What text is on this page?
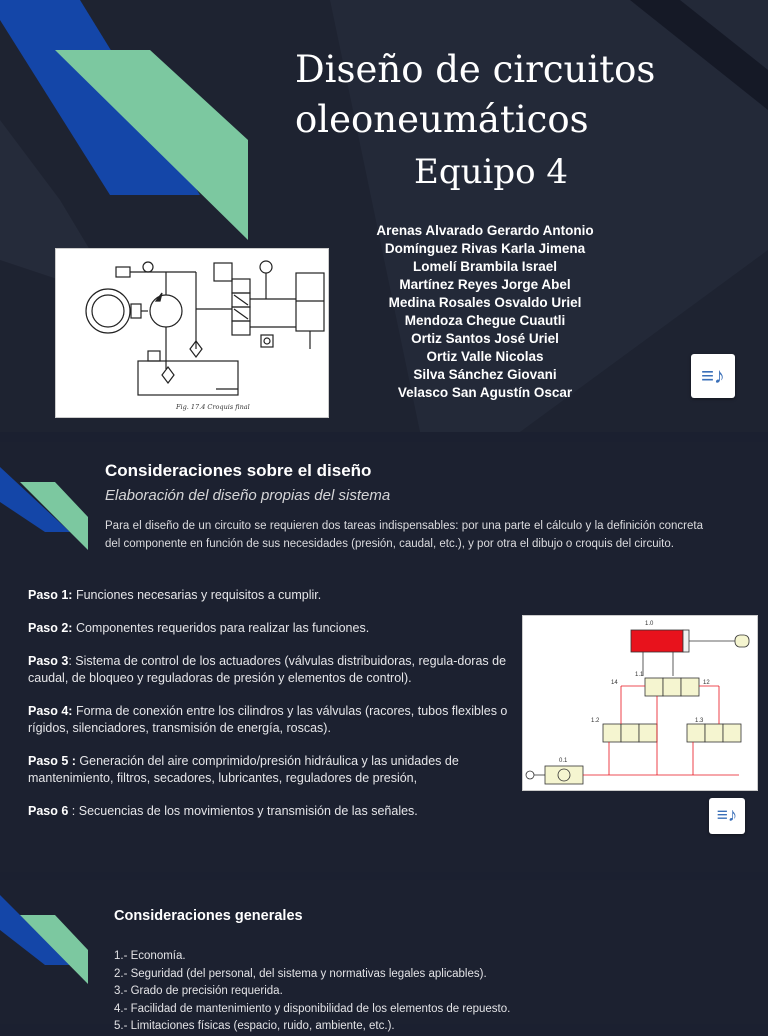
Diseño de circuitos
oleoneumáticos
Equipo 4
Arenas Alvarado Gerardo Antonio
Domínguez Rivas Karla Jimena
Lomelí Brambila Israel
Martínez Reyes Jorge Abel
Medina Rosales Osvaldo Uriel
Mendoza Chegue Cuautli
Ortiz Santos José Uriel
Ortiz Valle Nicolas
Silva Sánchez Giovani
Velasco San Agustín Oscar
Fig. 17.4 Croquis final
≡♪
Consideraciones sobre el diseño
Elaboración del diseño propias del sistema
Para el diseño de un circuito se requieren dos tareas indispensables: por una parte el cálculo y la definición concreta del componente en función de sus necesidades (presión, caudal, etc.), y por otra el dibujo o croquis del circuito.

Paso 1: Funciones necesarias y requisitos a cumplir.

Paso 2: Componentes requeridos para realizar las funciones.

Paso 3: Sistema de control de los actuadores (válvulas distribuidoras, regula-doras de caudal, de bloqueo y reguladoras de presión y elementos de control).

Paso 4: Forma de conexión entre los cilindros y las válvulas (racores, tubos flexibles o rígidos, silenciadores, transmisión de energía, roscas).

Paso 5 : Generación del aire comprimido/presión hidráulica y las unidades de mantenimiento, filtros, secadores, lubricantes, reguladores de presión,

Paso 6 : Secuencias de los movimientos y transmisión de las señales.

1.0
1.1
1.2	1.3
0.1
14	12
≡♪
Consideraciones generales
1.- Economía.
2.- Seguridad (del personal, del sistema y normativas legales aplicables).
3.- Grado de precisión requerida.
4.- Facilidad de mantenimiento y disponibilidad de los elementos de repuesto.
5.- Limitaciones físicas (espacio, ruido, ambiente, etc.).
